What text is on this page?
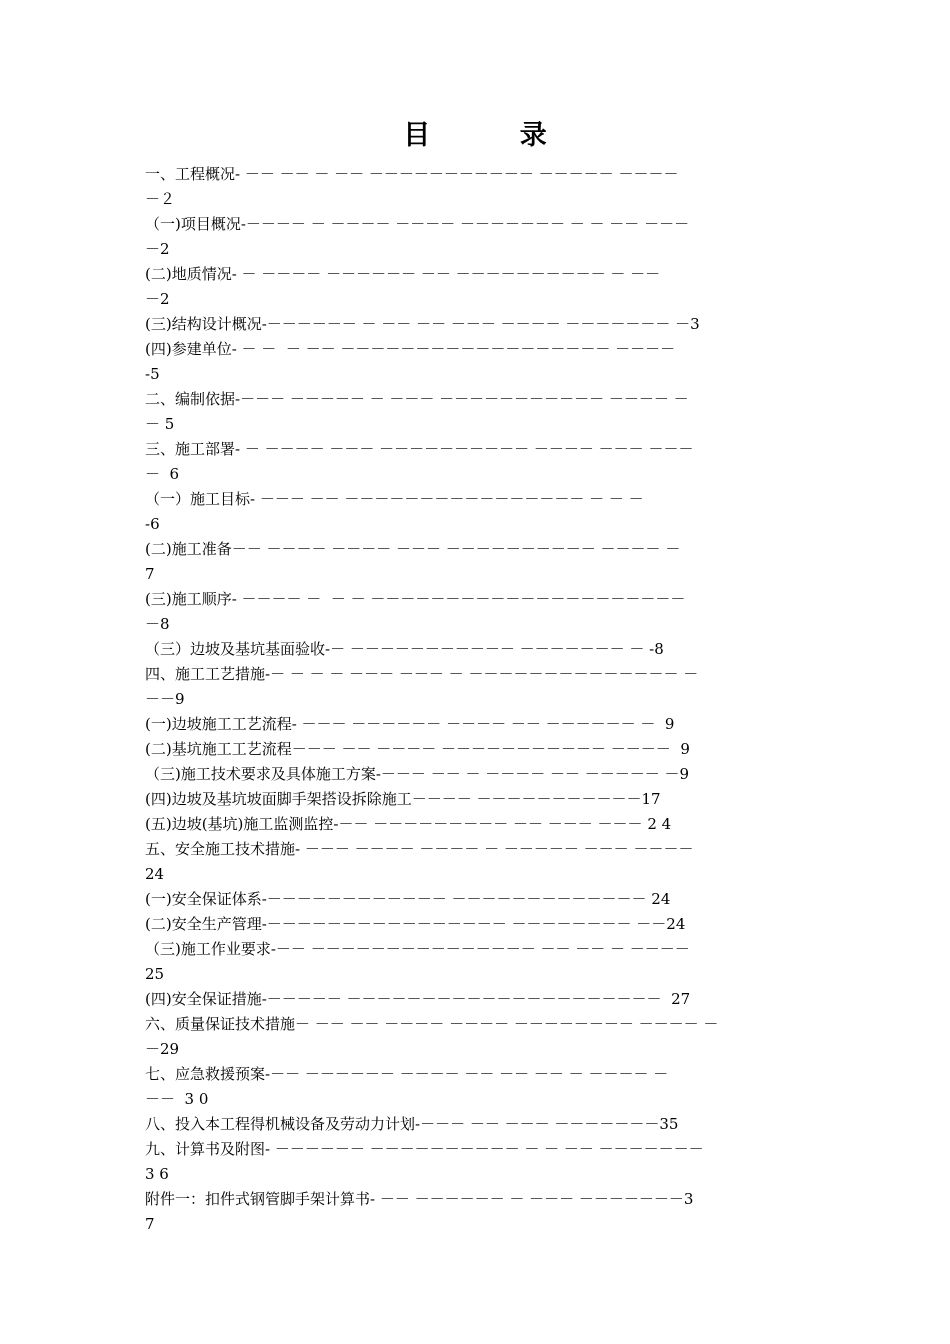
目 录
一、工程概况- －－ －－ － －－ －－－－－－－－－－－ －－－－－ －－－－
－２
（一)项目概况-－－－－ － －－－－ －－－－ －－－－－－－ － － －－ －－－
－2
(二)地质情况- － －－－－ －－－－－－ －－ －－－－－－－－－－ － －－
－2
(三)结构设计概况-－－－－－－ － －－ －－ －－－ －－－－ －－－－－－－ －3
(四)参建单位- － －  － －－ －－－－－－－－－－－－－－－－－－ －－－－
-5
二、编制依据-－－－ －－－－－ － －－－ －－－－－－－－－－－ －－－－ －
－ 5
三、施工部署- － －－－－ －－－ －－－－－－－－－－ －－－－ －－－ －－－
－  6
（一）施工目标- －－－ －－ －－－－－－－－－－－－－－－－ － － －
-6
(二)施工准备－－ －－－－ －－－－ －－－ －－－－－－－－－－ －－－－ －
7
(三)施工顺序- －－－－ －  － － －－－－－－－－－－－－－－－－－－－－－
－8
（三）边坡及基坑基面验收-－ －－－－－－－－－－－ －－－－－－－ － -8
四、施工工艺措施-－ － － － －－－ －－－ － －－－－－－－－－－－－－－ －
－－9
(一)边坡施工工艺流程- －－－ －－－－－－ －－－－ －－ －－－－－－ －  9
(二)基坑施工工艺流程－－－ －－ －－－－ －－－－－－－－－－－ －－－－  9
（三)施工技术要求及具体施工方案-－－－ －－ － －－－－ －－ －－－－－ －9
(四)边坡及基坑坡面脚手架搭设拆除施工－－－－ －－－－－－－－－－－17
(五)边坡(基坑)施工监测监控-－－ －－－－－－－－－ －－ －－－ －－－ 2 4
五、安全施工技术措施- －－－ －－－－ －－－－ － －－－－－ －－－ －－－－
24
(一)安全保证体系-－－－－－－－－－－－－ －－－－－－－－－－－－－ 24
(二)安全生产管理-－－－－－－－－－－－－－－－－ －－－－－－－－ －－24
（三)施工作业要求-－－ －－－－－－－－－－－－－－－ －－ －－ － －－－－
25
(四)安全保证措施-－－－－－ －－－－－－－－－－－－－－－－－－－－－  27
六、质量保证技术措施－ －－ －－ －－－－ －－－－ －－－－－－－－ －－－－ －
－29
七、应急救援预案-－－ －－－－－－ －－－－ －－ －－ －－ － －－－－ －
－－  3 0
八、投入本工程得机械设备及劳动力计划-－－－ －－ －－－ －－－－－－－35
九、计算书及附图- －－－－－－ －－－－－－－－－－ － － －－ －－－－－－－
3 6
附件一：扣件式钢管脚手架计算书- －－ －－－－－－ － －－－ －－－－－－－3
7
